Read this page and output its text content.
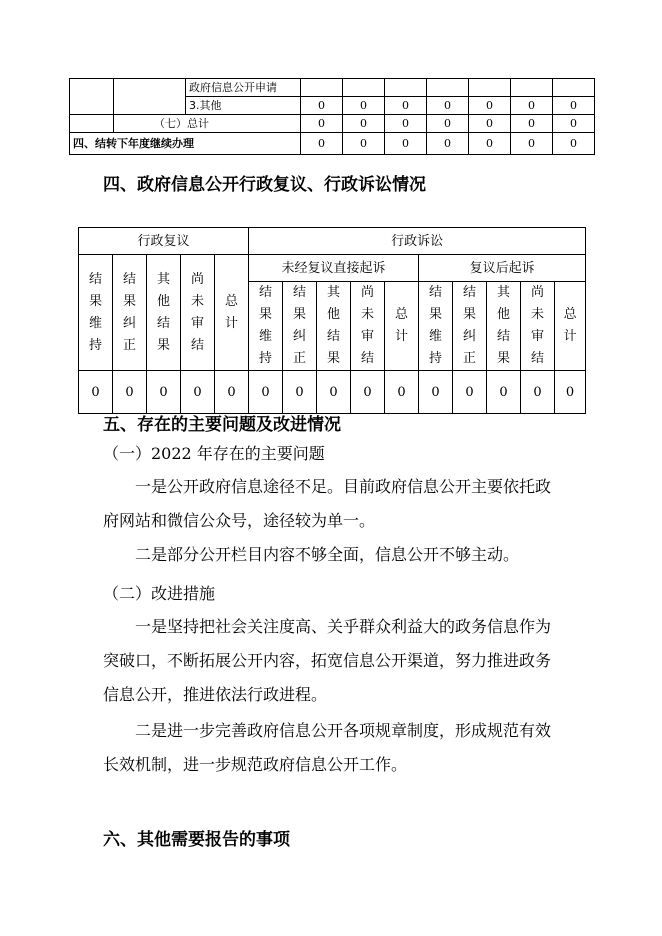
		政府信息公开申请							
		3.其他	0	0	0	0	0	0	0
	（七）总计		0	0	0	0	0	0	0
四、结转下年度继续办理			0	0	0	0	0	0	0
四、政府信息公开行政复议、行政诉讼情况
行政复议					行政诉讼									
结果维持	结果纠正	其他结果	尚未审结	总计	未经复议直接起诉					复议后起诉				
					结果维持	结果纠正	其他结果	尚未审结	总计	结果维持	结果纠正	其他结果	尚未审结	总计
0	0	0	0	0	0	0	0	0	0	0	0	0	0	0
五、存在的主要问题及改进情况
（一）2022 年存在的主要问题
一是公开政府信息途径不足。目前政府信息公开主要依托政府网站和微信公众号，途径较为单一。
二是部分公开栏目内容不够全面，信息公开不够主动。
（二）改进措施
一是坚持把社会关注度高、关乎群众利益大的政务信息作为突破口，不断拓展公开内容，拓宽信息公开渠道，努力推进政务信息公开，推进依法行政进程。
二是进一步完善政府信息公开各项规章制度，形成规范有效长效机制，进一步规范政府信息公开工作。
六、其他需要报告的事项
